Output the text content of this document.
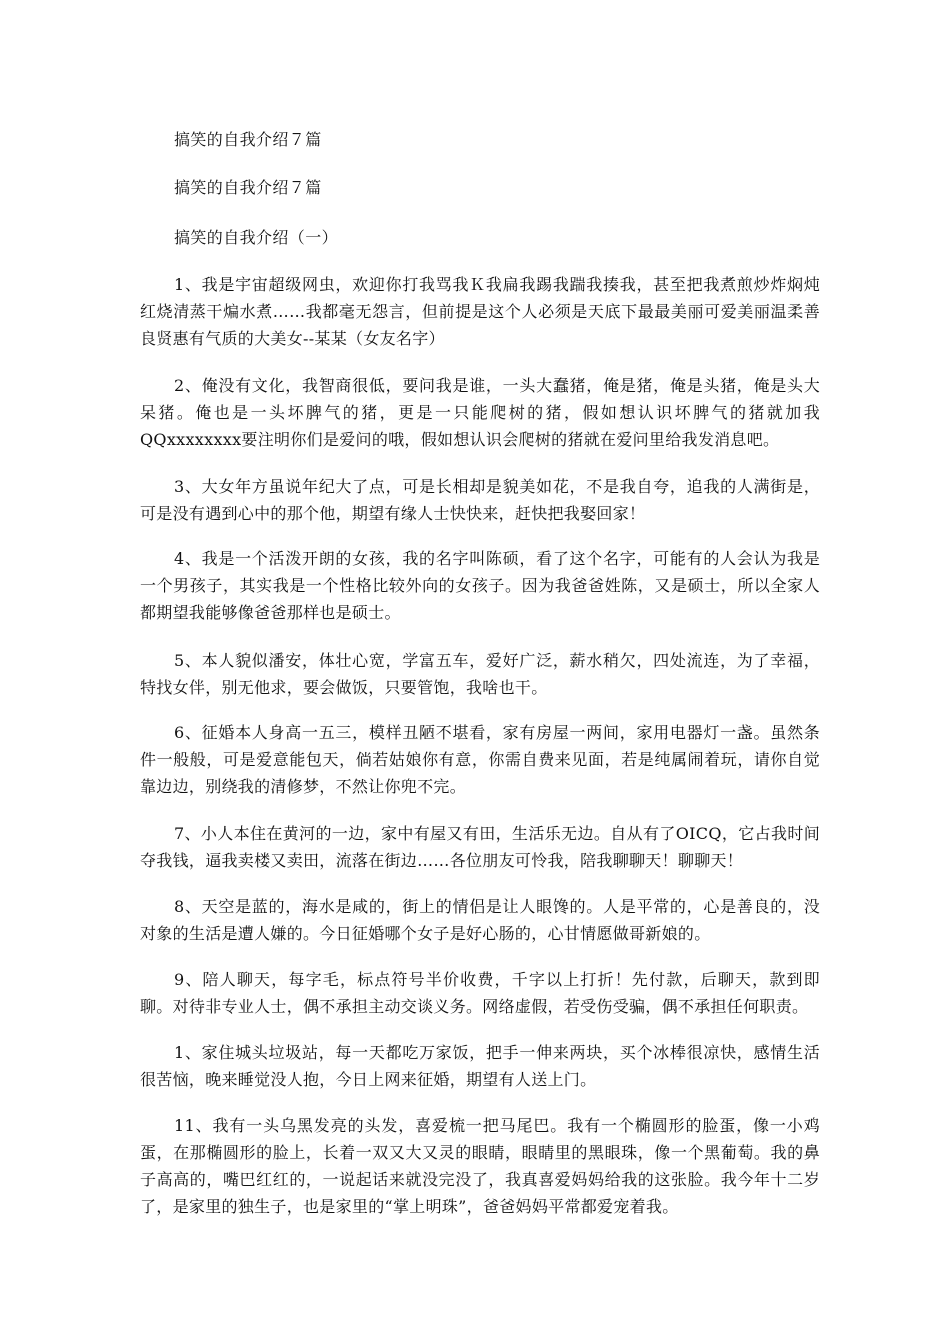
搞笑的自我介绍７篇
搞笑的自我介绍７篇
搞笑的自我介绍（一）

1、我是宇宙超级网虫，欢迎你打我骂我Ｋ我扁我踢我踹我揍我，甚至把我煮煎炒炸焖炖红烧清蒸干煸水煮……我都毫无怨言，但前提是这个人必须是天底下最最美丽可爱美丽温柔善良贤惠有气质的大美女--某某（女友名字）

2、俺没有文化，我智商很低，要问我是谁，一头大蠢猪，俺是猪，俺是头猪，俺是头大呆猪。俺也是一头坏脾气的猪，更是一只能爬树的猪，假如想认识坏脾气的猪就加我QQxxxxxxxx要注明你们是爱问的哦，假如想认识会爬树的猪就在爱问里给我发消息吧。

3、大女年方虽说年纪大了点，可是长相却是貌美如花，不是我自夸，追我的人满街是，可是没有遇到心中的那个他，期望有缘人士快快来，赶快把我娶回家！

4、我是一个活泼开朗的女孩，我的名字叫陈硕，看了这个名字，可能有的人会认为我是一个男孩子，其实我是一个性格比较外向的女孩子。因为我爸爸姓陈，又是硕士，所以全家人都期望我能够像爸爸那样也是硕士。

5、本人貌似潘安，体壮心宽，学富五车，爱好广泛，薪水稍欠，四处流连，为了幸福，特找女伴，别无他求，要会做饭，只要管饱，我啥也干。

6、征婚本人身高一五三，模样丑陋不堪看，家有房屋一两间，家用电器灯一盏。虽然条件一般般，可是爱意能包天，倘若姑娘你有意，你需自费来见面，若是纯属闹着玩，请你自觉靠边边，别绕我的清修梦，不然让你兜不完。

7、小人本住在黄河的一边，家中有屋又有田，生活乐无边。自从有了OICQ，它占我时间夺我钱，逼我卖楼又卖田，流落在街边……各位朋友可怜我，陪我聊聊天！聊聊天！

8、天空是蓝的，海水是咸的，街上的情侣是让人眼馋的。人是平常的，心是善良的，没对象的生活是遭人嫌的。今日征婚哪个女子是好心肠的，心甘情愿做哥新娘的。

9、陪人聊天，每字毛，标点符号半价收费，千字以上打折！先付款，后聊天，款到即聊。对待非专业人士，偶不承担主动交谈义务。网络虚假，若受伤受骗，偶不承担任何职责。

1、家住城头垃圾站，每一天都吃万家饭，把手一伸来两块，买个冰棒很凉快，感情生活很苦恼，晚来睡觉没人抱，今日上网来征婚，期望有人送上门。

11、我有一头乌黑发亮的头发，喜爱梳一把马尾巴。我有一个椭圆形的脸蛋，像一小鸡蛋，在那椭圆形的脸上，长着一双又大又灵的眼睛，眼睛里的黑眼珠，像一个黑葡萄。我的鼻子高高的，嘴巴红红的，一说起话来就没完没了，我真喜爱妈妈给我的这张脸。我今年十二岁了，是家里的独生子，也是家里的“掌上明珠”，爸爸妈妈平常都爱宠着我。
